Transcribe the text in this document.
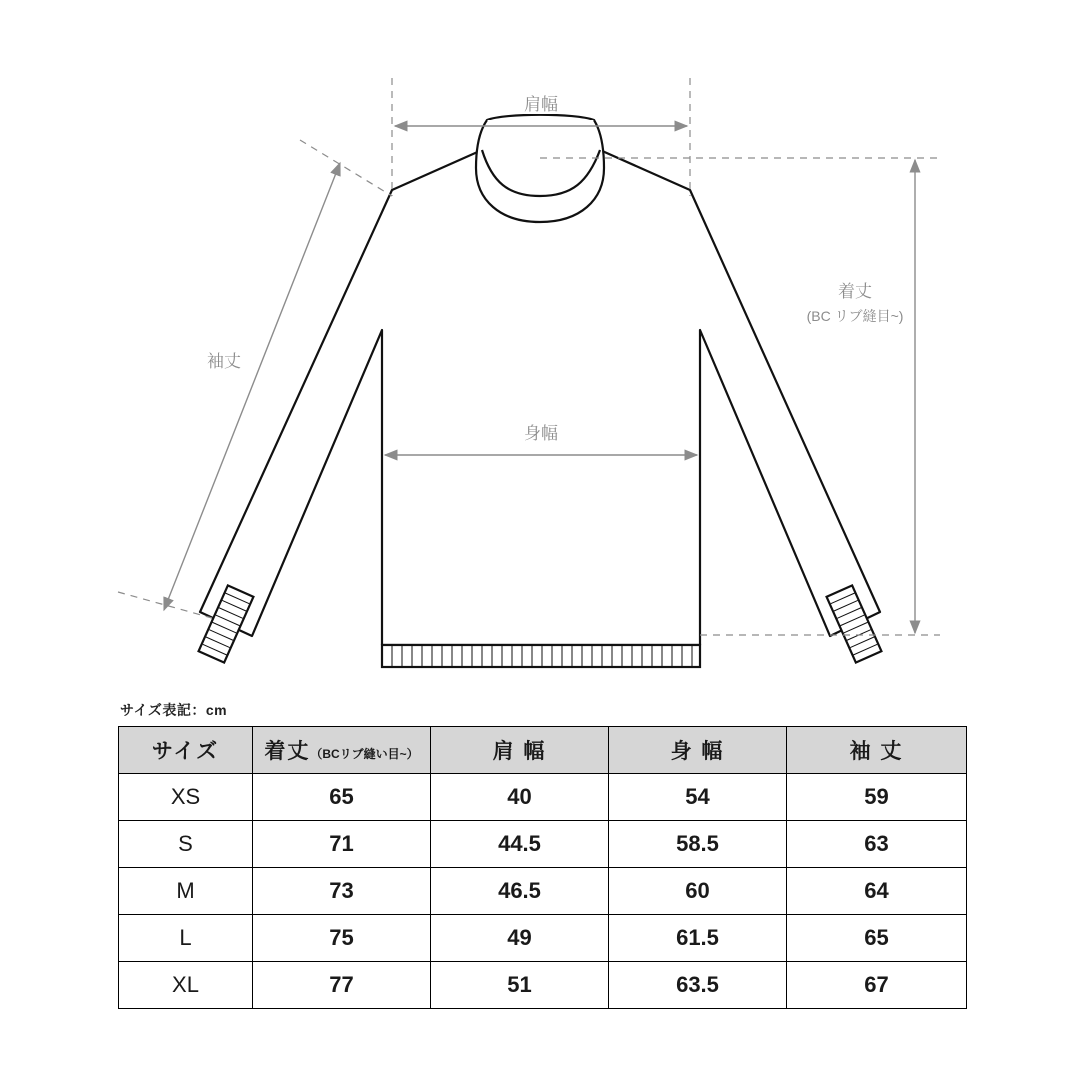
肩幅
身幅
着丈
(BC リブ縫目~)
袖丈
サイズ表記：cm
サイズ	着丈（BCリブ縫い目~）	肩 幅	身 幅	袖 丈
XS	65	40	54	59
S	71	44.5	58.5	63
M	73	46.5	60	64
L	75	49	61.5	65
XL	77	51	63.5	67
